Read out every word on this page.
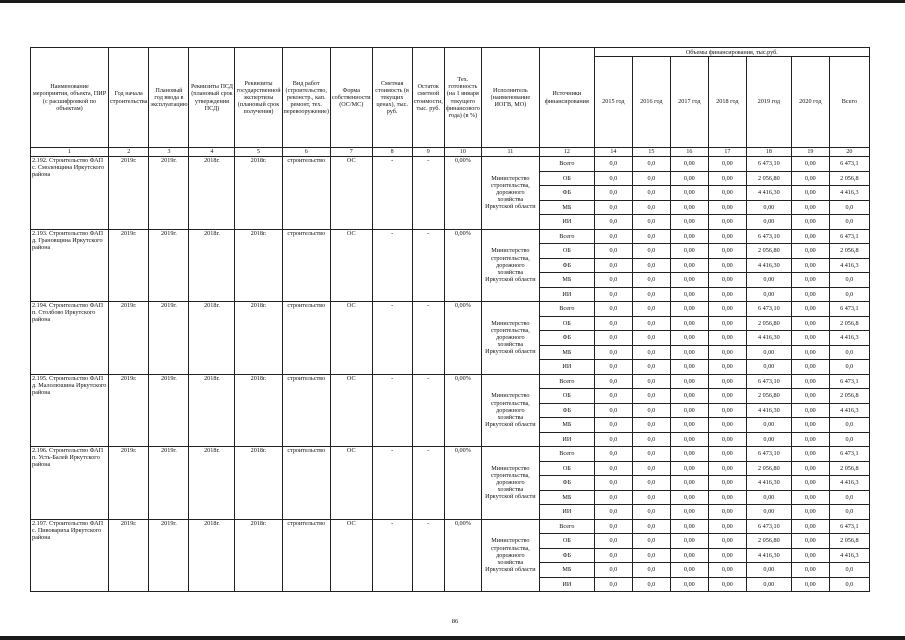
Наименование мероприятия, объекта, ПИР (с расшифровкой по объектам)	Год начала строительства	Плановый год ввода в эксплуатацию	Реквизиты ПСД (плановый срок утверждения ПСД)	Реквизиты государственной экспертизы (плановый срок получения)	Вид работ (строительство, реконстр., кап. ремонт, тех. перевооружение)	Форма собственности (ОС/МС)	Сметная стоимость (в текущих ценах), тыс. руб.	Остаток сметной стоимости, тыс. руб.	Тех. готовность (на 1 января текущего финансового года) (в %)	Исполнитель (наименование ИОГВ, МО)	Источники финансирования	Объемы финансирования, тыс.руб.						
												2015 год	2016 год	2017 год	2018 год	2019 год	2020 год	Всего
1	2	3	4	5	6	7	8	9	10	11	12	14	15	16	17	18	19	20
2.192. Строительство ФАП с. Смоленщина Иркутского района	2019г.	2019г.	2018г.	2018г.	строительство	ОС	-	-	0,00%	Министерство строительства, дорожного хозяйства Иркутской области	Всего	0,0	0,0	0,00	0,00	6 473,10	0,00	6 473,1
											ОБ	0,0	0,0	0,00	0,00	2 056,80	0,00	2 056,8
											ФБ	0,0	0,0	0,00	0,00	4 416,30	0,00	4 416,3
											МБ	0,0	0,0	0,00	0,00	0,00	0,00	0,0
											ИИ	0,0	0,0	0,00	0,00	0,00	0,00	0,0
2.193. Строительство ФАП д. Грановщина Иркутского района	2019г.	2019г.	2018г.	2018г.	строительство	ОС	-	-	0,00%	Министерство строительства, дорожного хозяйства Иркутской области	Всего	0,0	0,0	0,00	0,00	6 473,10	0,00	6 473,1
											ОБ	0,0	0,0	0,00	0,00	2 056,80	0,00	2 056,8
											ФБ	0,0	0,0	0,00	0,00	4 416,30	0,00	4 416,3
											МБ	0,0	0,0	0,00	0,00	0,00	0,00	0,0
											ИИ	0,0	0,0	0,00	0,00	0,00	0,00	0,0
2.194. Строительство ФАП п. Столбово Иркутского района	2019г.	2019г.	2018г.	2018г.	строительство	ОС	-	-	0,00%	Министерство строительства, дорожного хозяйства Иркутской области	Всего	0,0	0,0	0,00	0,00	6 473,10	0,00	6 473,1
											ОБ	0,0	0,0	0,00	0,00	2 056,80	0,00	2 056,8
											ФБ	0,0	0,0	0,00	0,00	4 416,30	0,00	4 416,3
											МБ	0,0	0,0	0,00	0,00	0,00	0,00	0,0
											ИИ	0,0	0,0	0,00	0,00	0,00	0,00	0,0
2.195. Строительство ФАП д. Малолюшина Иркутского района	2019г.	2019г.	2018г.	2018г.	строительство	ОС	-	-	0,00%	Министерство строительства, дорожного хозяйства Иркутской области	Всего	0,0	0,0	0,00	0,00	6 473,10	0,00	6 473,1
											ОБ	0,0	0,0	0,00	0,00	2 056,80	0,00	2 056,8
											ФБ	0,0	0,0	0,00	0,00	4 416,30	0,00	4 416,3
											МБ	0,0	0,0	0,00	0,00	0,00	0,00	0,0
											ИИ	0,0	0,0	0,00	0,00	0,00	0,00	0,0
2.196. Строительство ФАП п. Усть-Балей Иркутского района	2019г.	2019г.	2018г.	2018г.	строительство	ОС	-	-	0,00%	Министерство строительства, дорожного хозяйства Иркутской области	Всего	0,0	0,0	0,00	0,00	6 473,10	0,00	6 473,1
											ОБ	0,0	0,0	0,00	0,00	2 056,80	0,00	2 056,8
											ФБ	0,0	0,0	0,00	0,00	4 416,30	0,00	4 416,3
											МБ	0,0	0,0	0,00	0,00	0,00	0,00	0,0
											ИИ	0,0	0,0	0,00	0,00	0,00	0,00	0,0
2.197. Строительство ФАП с. Пивовариха Иркутского района	2019г.	2019г.	2018г.	2018г.	строительство	ОС	-	-	0,00%	Министерство строительства, дорожного хозяйства Иркутской области	Всего	0,0	0,0	0,00	0,00	6 473,10	0,00	6 473,1
											ОБ	0,0	0,0	0,00	0,00	2 056,80	0,00	2 056,8
											ФБ	0,0	0,0	0,00	0,00	4 416,30	0,00	4 416,3
											МБ	0,0	0,0	0,00	0,00	0,00	0,00	0,0
											ИИ	0,0	0,0	0,00	0,00	0,00	0,00	0,0
86
